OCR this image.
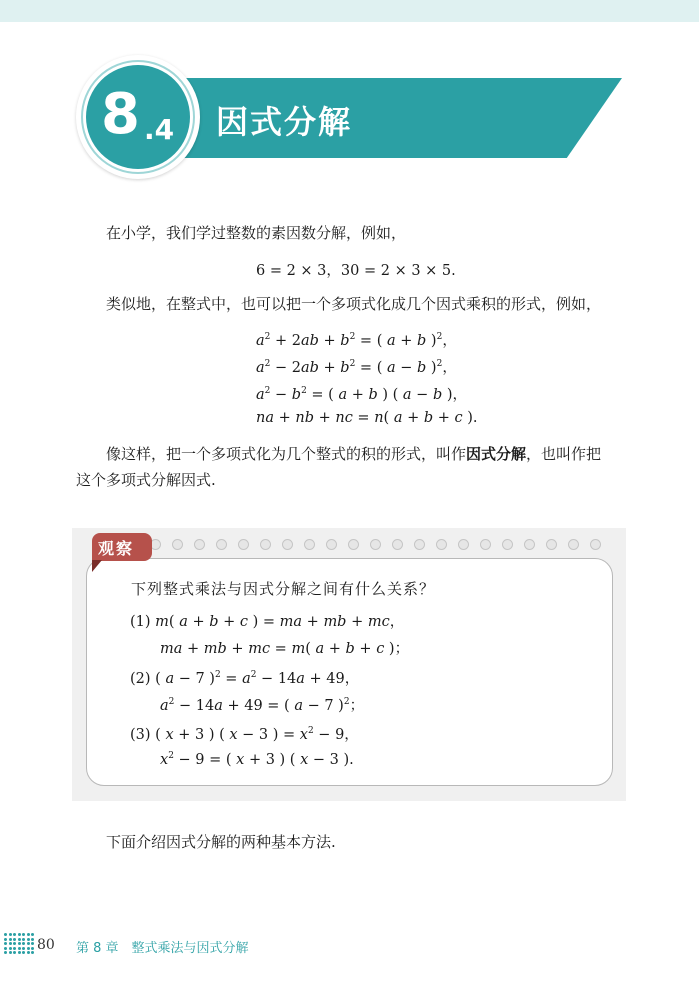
因式分解
8 .4
在小学，我们学过整数的素因数分解，例如，
6 = 2 × 3，30 = 2 × 3 × 5.
类似地，在整式中，也可以把一个多项式化成几个因式乘积的形式，例如，
$a^2 + 2ab + b^2$ = ( a + b )$^2$，
$a^2 - 2ab + b^2$ = ( a − b )$^2$，
$a^2 - b^2$ = ( a + b ) ( a − b )，
na + nb + nc = n( a + b + c ).
像这样，把一个多项式化为几个整式的积的形式，叫作因式分解，也叫作把
这个多项式分解因式.
观察
下列整式乘法与因式分解之间有什么关系？
(1) m( a + b + c ) = ma + mb + mc，
ma + mb + mc = m( a + b + c )；
(2) ( a − 7 )$^2 = a^2 - 14a + 49$，
$a^2 - 14a + 49$ = ( a − 7 )$^2$；
(3) ( x + 3 ) ( x − 3 ) = $x^2 - 9$，
$x^2 - 9$ = ( x + 3 ) ( x − 3 ).
下面介绍因式分解的两种基本方法.
80 第 8 章　整式乘法与因式分解
